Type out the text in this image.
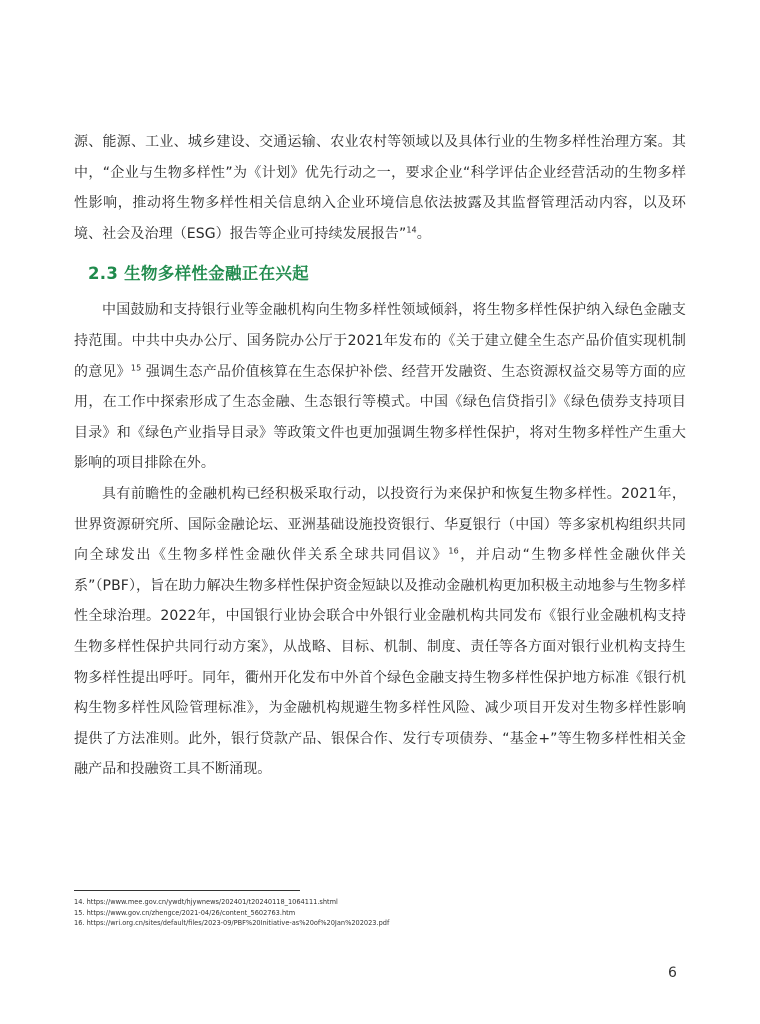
源、能源、工业、城乡建设、交通运输、农业农村等领域以及具体行业的生物多样性治理方案。其中，“企业与生物多样性”为《计划》优先行动之一，要求企业“科学评估企业经营活动的生物多样性影响，推动将生物多样性相关信息纳入企业环境信息依法披露及其监督管理活动内容，以及环境、社会及治理（ESG）报告等企业可持续发展报告”$^{14}$。

2.3 生物多样性金融正在兴起

中国鼓励和支持银行业等金融机构向生物多样性领域倾斜，将生物多样性保护纳入绿色金融支持范围。中共中央办公厅、国务院办公厅于2021年发布的《关于建立健全生态产品价值实现机制的意见》$^{15}$ 强调生态产品价值核算在生态保护补偿、经营开发融资、生态资源权益交易等方面的应用，在工作中探索形成了生态金融、生态银行等模式。中国《绿色信贷指引》《绿色债券支持项目目录》和《绿色产业指导目录》等政策文件也更加强调生物多样性保护，将对生物多样性产生重大影响的项目排除在外。

具有前瞻性的金融机构已经积极采取行动，以投资行为来保护和恢复生物多样性。2021年，世界资源研究所、国际金融论坛、亚洲基础设施投资银行、华夏银行（中国）等多家机构组织共同向全球发出《生物多样性金融伙伴关系全球共同倡议》$^{16}$，并启动“生物多样性金融伙伴关系”（PBF），旨在助力解决生物多样性保护资金短缺以及推动金融机构更加积极主动地参与生物多样性全球治理。2022年，中国银行业协会联合中外银行业金融机构共同发布《银行业金融机构支持生物多样性保护共同行动方案》，从战略、目标、机制、制度、责任等各方面对银行业机构支持生物多样性提出呼吁。同年，衢州开化发布中外首个绿色金融支持生物多样性保护地方标准《银行机构生物多样性风险管理标准》，为金融机构规避生物多样性风险、减少项目开发对生物多样性影响提供了方法准则。此外，银行贷款产品、银保合作、发行专项债券、“基金+”等生物多样性相关金融产品和投融资工具不断涌现。

14. https://www.mee.gov.cn/ywdt/hjywnews/202401/t20240118_1064111.shtml
15. https://www.gov.cn/zhengce/2021-04/26/content_5602763.htm
16. https://wri.org.cn/sites/default/files/2023-09/PBF%20Initiative-as%20of%20Jan%202023.pdf
6
